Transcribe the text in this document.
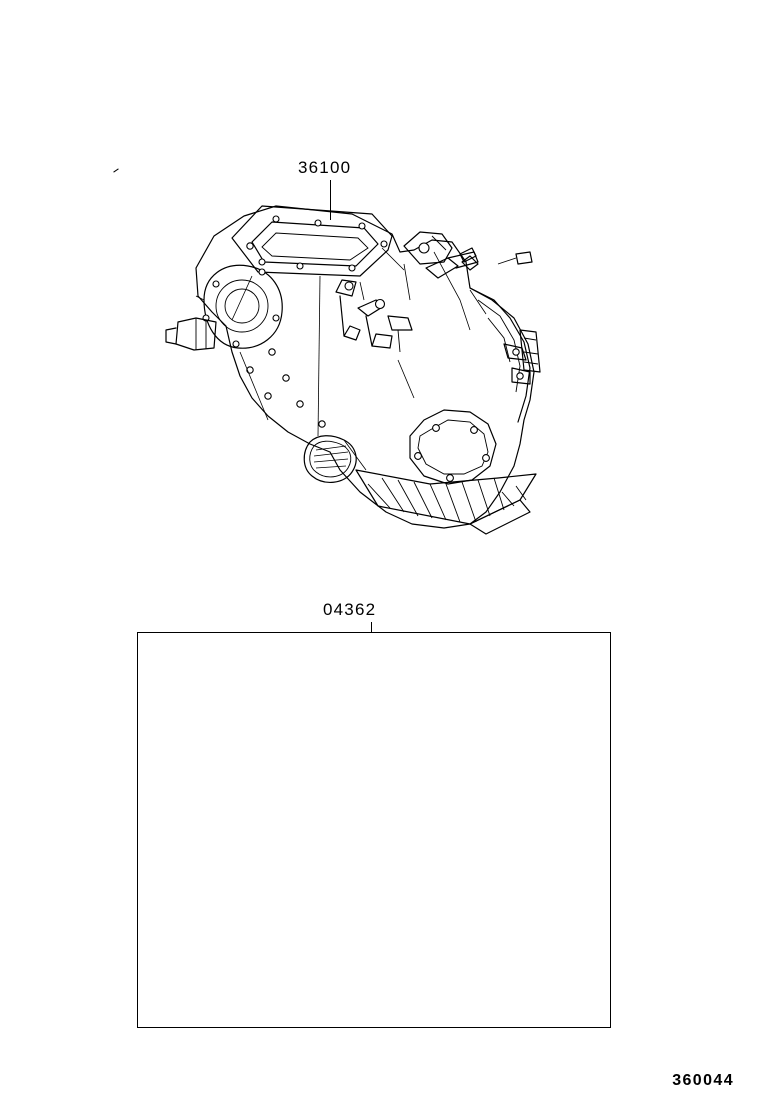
36100
04362
360044
